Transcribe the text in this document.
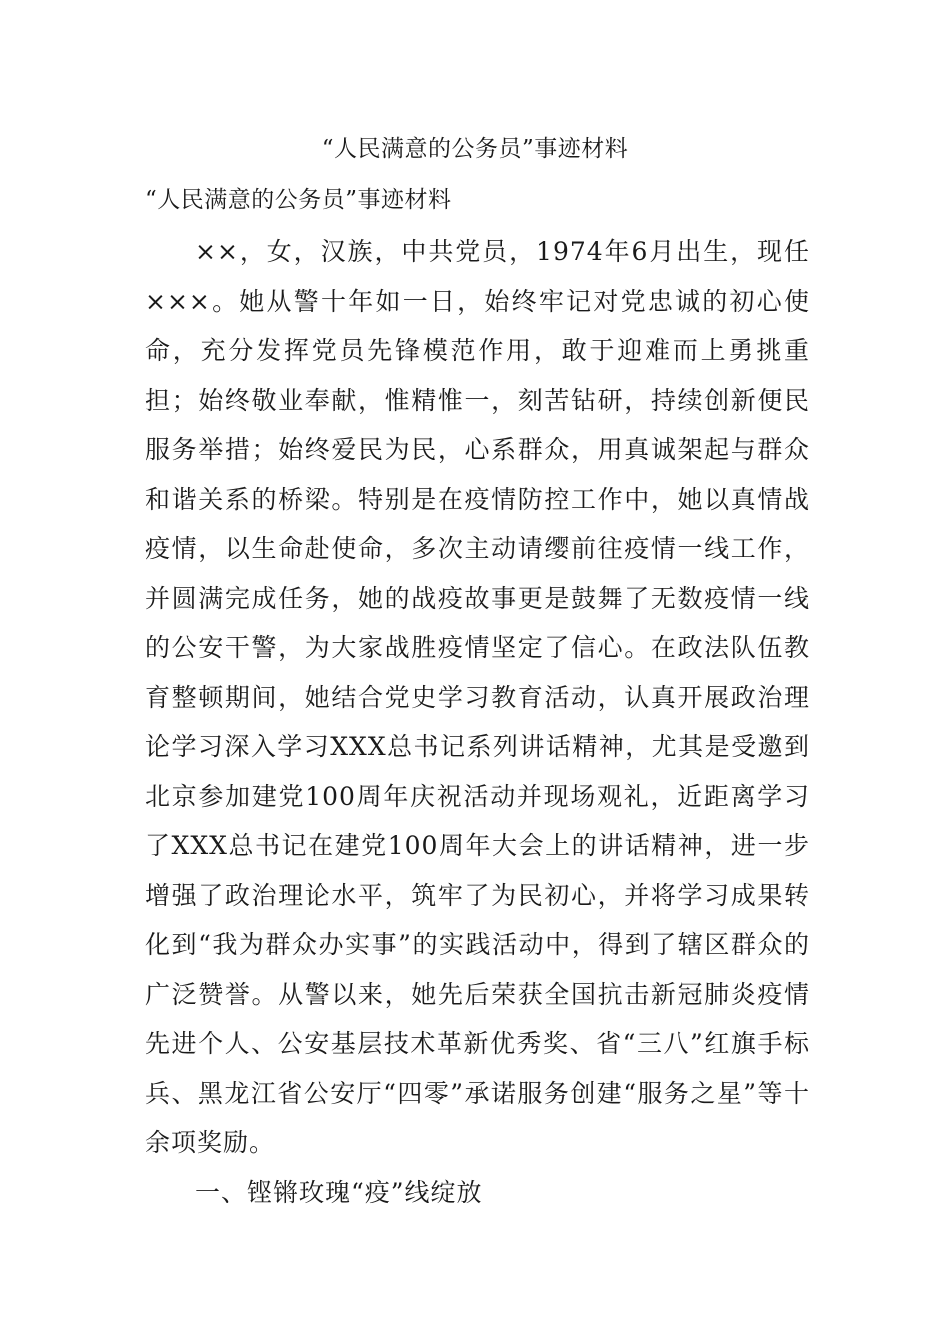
“人民满意的公务员”事迹材料

“人民满意的公务员”事迹材料

××，女，汉族，中共党员，1974年6月出生，现任×××。她从警十年如一日，始终牢记对党忠诚的初心使命，充分发挥党员先锋模范作用，敢于迎难而上勇挑重担；始终敬业奉献，惟精惟一，刻苦钻研，持续创新便民服务举措；始终爱民为民，心系群众，用真诚架起与群众和谐关系的桥梁。特别是在疫情防控工作中，她以真情战疫情，以生命赴使命，多次主动请缨前往疫情一线工作，并圆满完成任务，她的战疫故事更是鼓舞了无数疫情一线的公安干警，为大家战胜疫情坚定了信心。在政法队伍教育整顿期间，她结合党史学习教育活动，认真开展政治理论学习深入学习XXX总书记系列讲话精神，尤其是受邀到北京参加建党100周年庆祝活动并现场观礼，近距离学习了XXX总书记在建党100周年大会上的讲话精神，进一步增强了政治理论水平，筑牢了为民初心，并将学习成果转化到“我为群众办实事”的实践活动中，得到了辖区群众的广泛赞誉。从警以来，她先后荣获全国抗击新冠肺炎疫情先进个人、公安基层技术革新优秀奖、省“三八”红旗手标兵、黑龙江省公安厅“四零”承诺服务创建“服务之星”等十余项奖励。

一、铿锵玫瑰“疫”线绽放
